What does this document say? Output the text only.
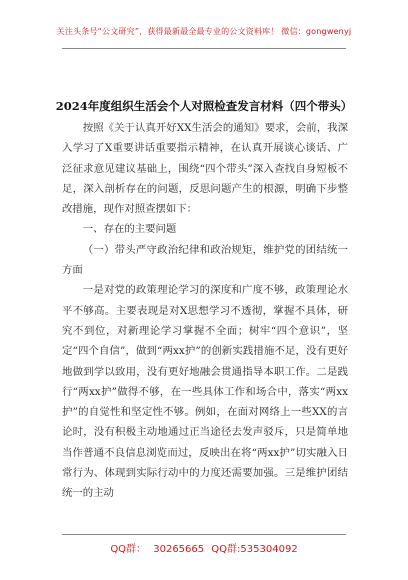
关注头条号“公文研究”，获得最新最全最专业的公文资料库！ 微信：gongwenyj
2024年度组织生活会个人对照检查发言材料（四个带头）

按照《关于认真开好XX生活会的通知》要求，会前，我深入学习了X重要讲话重要指示精神，在认真开展谈心谈话、广泛征求意见建议基础上，围绕“四个带头”深入查找自身短板不足，深入剖析存在的问题，反思问题产生的根源，明确下步整改措施，现作对照查摆如下：

一、存在的主要问题

（一）带头严守政治纪律和政治规矩，维护党的团结统一方面

一是对党的政策理论学习的深度和广度不够，政策理论水平不够高。主要表现是对X思想学习不透彻，掌握不具体，研究不到位，对新理论学习掌握不全面；树牢“四个意识”，坚定“四个自信”，做到“两xx护”的创新实践措施不足，没有更好地做到学以致用，没有更好地融会贯通指导本职工作。二是践行“两xx护”做得不够，在一些具体工作和场合中，落实“两xx护”的自觉性和坚定性不够。例如，在面对网络上一些XX的言论时，没有积极主动地通过正当途径去发声驳斥，只是简单地当作普通不良信息浏览而过，反映出在将“两xx护”切实融入日常行为、体现到实际行动中的力度还需要加强。三是维护团结统一的主动

QQ群： 30265665 QQ群:535304092
